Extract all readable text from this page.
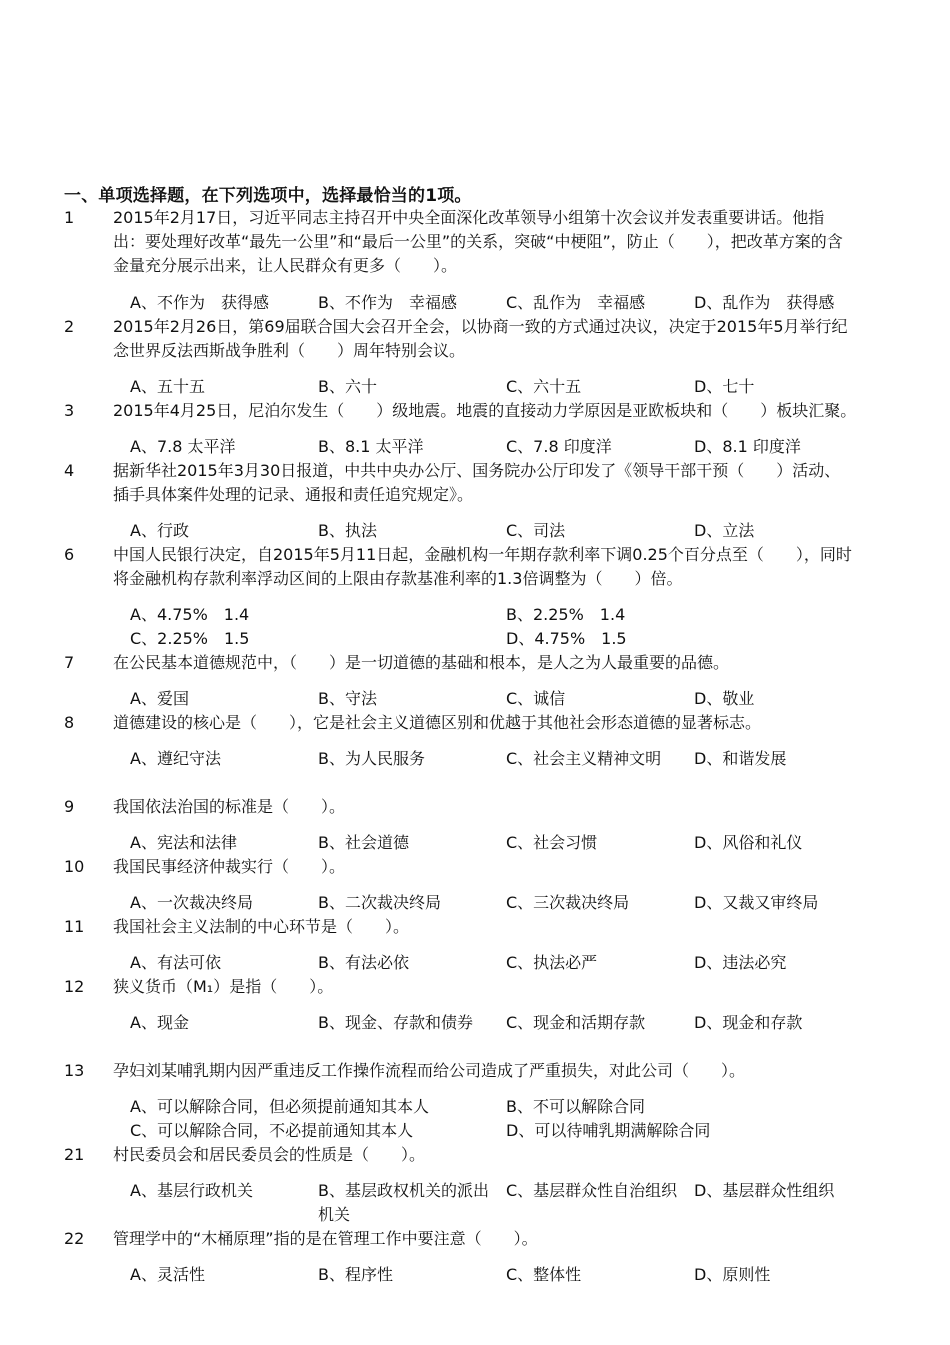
一、单项选择题，在下列选项中，选择最恰当的1项。
1	2015年2月17日，习近平同志主持召开中央全面深化改革领导小组第十次会议并发表重要讲话。他指
出：要处理好改革“最先一公里”和“最后一公里”的关系，突破“中梗阻”，防止（　　），把改革方案的含
金量充分展示出来，让人民群众有更多（　　）。
A、不作为　获得感	B、不作为　幸福感	C、乱作为　幸福感	D、乱作为　获得感
2	2015年2月26日，第69届联合国大会召开全会，以协商一致的方式通过决议，决定于2015年5月举行纪
念世界反法西斯战争胜利（　　）周年特别会议。
A、五十五	B、六十	C、六十五	D、七十
3	2015年4月25日，尼泊尔发生（　　）级地震。地震的直接动力学原因是亚欧板块和（　　）板块汇聚。
A、7.8 太平洋	B、8.1 太平洋	C、7.8 印度洋	D、8.1 印度洋
4	据新华社2015年3月30日报道，中共中央办公厅、国务院办公厅印发了《领导干部干预（　　）活动、
插手具体案件处理的记录、通报和责任追究规定》。
A、行政	B、执法	C、司法	D、立法
6	中国人民银行决定，自2015年5月11日起，金融机构一年期存款利率下调0.25个百分点至（　　），同时
将金融机构存款利率浮动区间的上限由存款基准利率的1.3倍调整为（　　）倍。
A、4.75%　1.4	B、2.25%　1.4
C、2.25%　1.5	D、4.75%　1.5
7	在公民基本道德规范中，（　　）是一切道德的基础和根本，是人之为人最重要的品德。
A、爱国	B、守法	C、诚信	D、敬业
8	道德建设的核心是（　　），它是社会主义道德区别和优越于其他社会形态道德的显著标志。
A、遵纪守法	B、为人民服务	C、社会主义精神文明	D、和谐发展
9	我国依法治国的标准是（　　）。
A、宪法和法律	B、社会道德	C、社会习惯	D、风俗和礼仪
10	我国民事经济仲裁实行（　　）。
A、一次裁决终局	B、二次裁决终局	C、三次裁决终局	D、又裁又审终局
11	我国社会主义法制的中心环节是（　　）。
A、有法可依	B、有法必依	C、执法必严	D、违法必究
12	狭义货币（M₁）是指（　　）。
A、现金	B、现金、存款和债券	C、现金和活期存款	D、现金和存款
13	孕妇刘某哺乳期内因严重违反工作操作流程而给公司造成了严重损失，对此公司（　　）。
A、可以解除合同，但必须提前通知其本人	B、不可以解除合同
C、可以解除合同，不必提前通知其本人	D、可以待哺乳期满解除合同
21	村民委员会和居民委员会的性质是（　　）。
A、基层行政机关	B、基层政权机关的派出机关
C、基层群众性自治组织	D、基层群众性组织
22	管理学中的“木桶原理”指的是在管理工作中要注意（　　）。
A、灵活性	B、程序性	C、整体性	D、原则性
